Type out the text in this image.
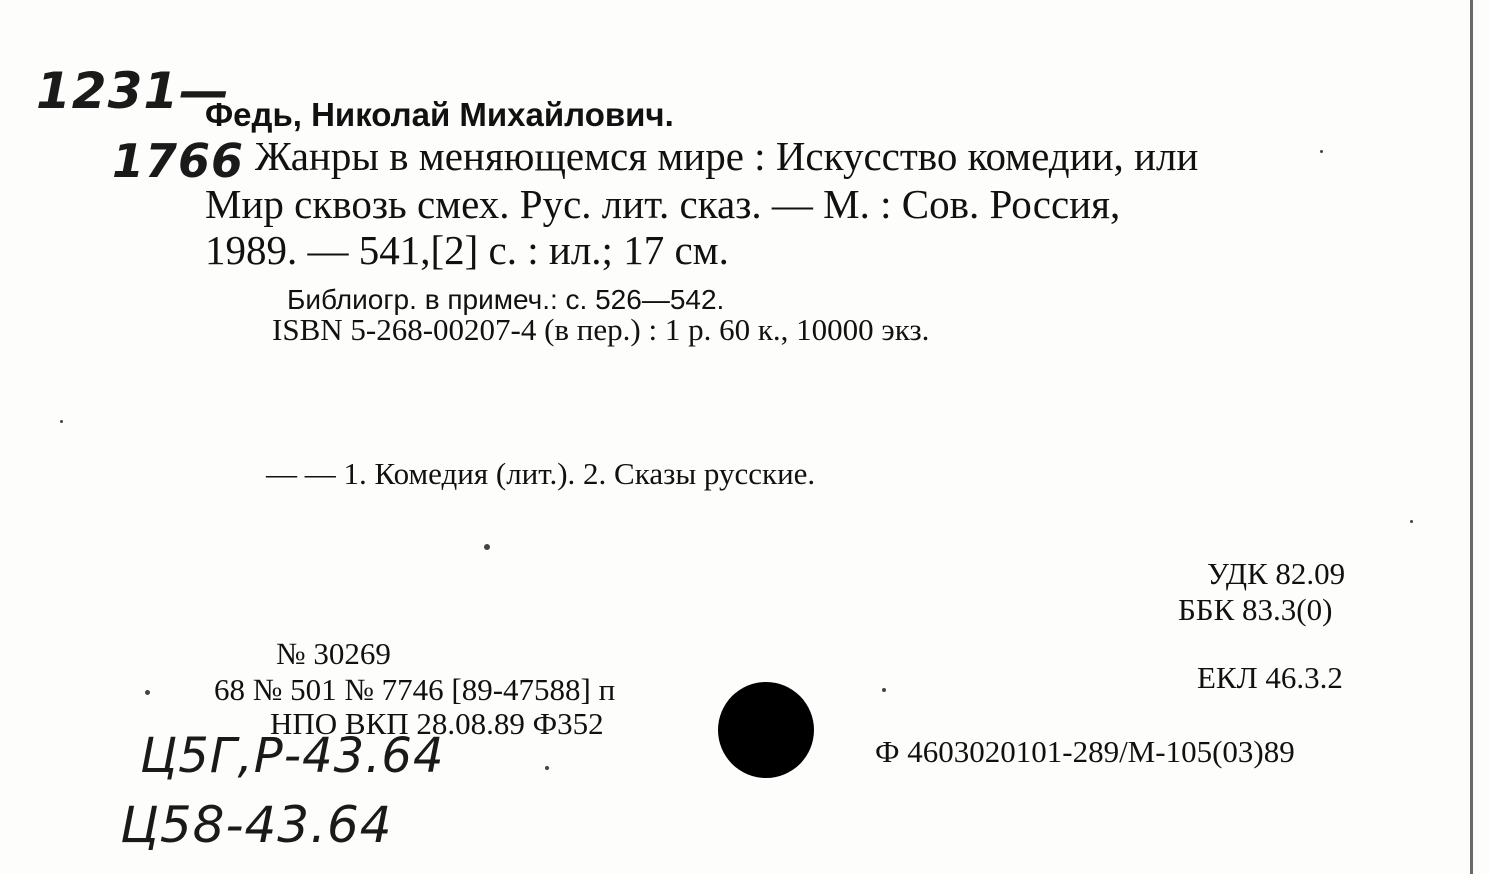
1231—
1766
Федь, Николай Михайлович.
Жанры в меняющемся мире : Искусство комедии, или
Мир сквозь смех. Рус. лит. сказ. — М. : Сов. Россия,
1989. — 541,[2] с. : ил.; 17 см.
Библиогр. в примеч.: с. 526—542.
ISBN 5-268-00207-4 (в пер.) : 1 р. 60 к., 10000 экз.
— — 1. Комедия (лит.). 2. Сказы русские.
УДК 82.09
ББК 83.3(0)
ЕКЛ 46.3.2
Ф 4603020101-289/М-105(03)89
№ 30269
68 № 501 № 7746 [89-47588] п
НПО ВКП 28.08.89 Ф352
Ц5Г,Р-43.64
Ц58-43.64
